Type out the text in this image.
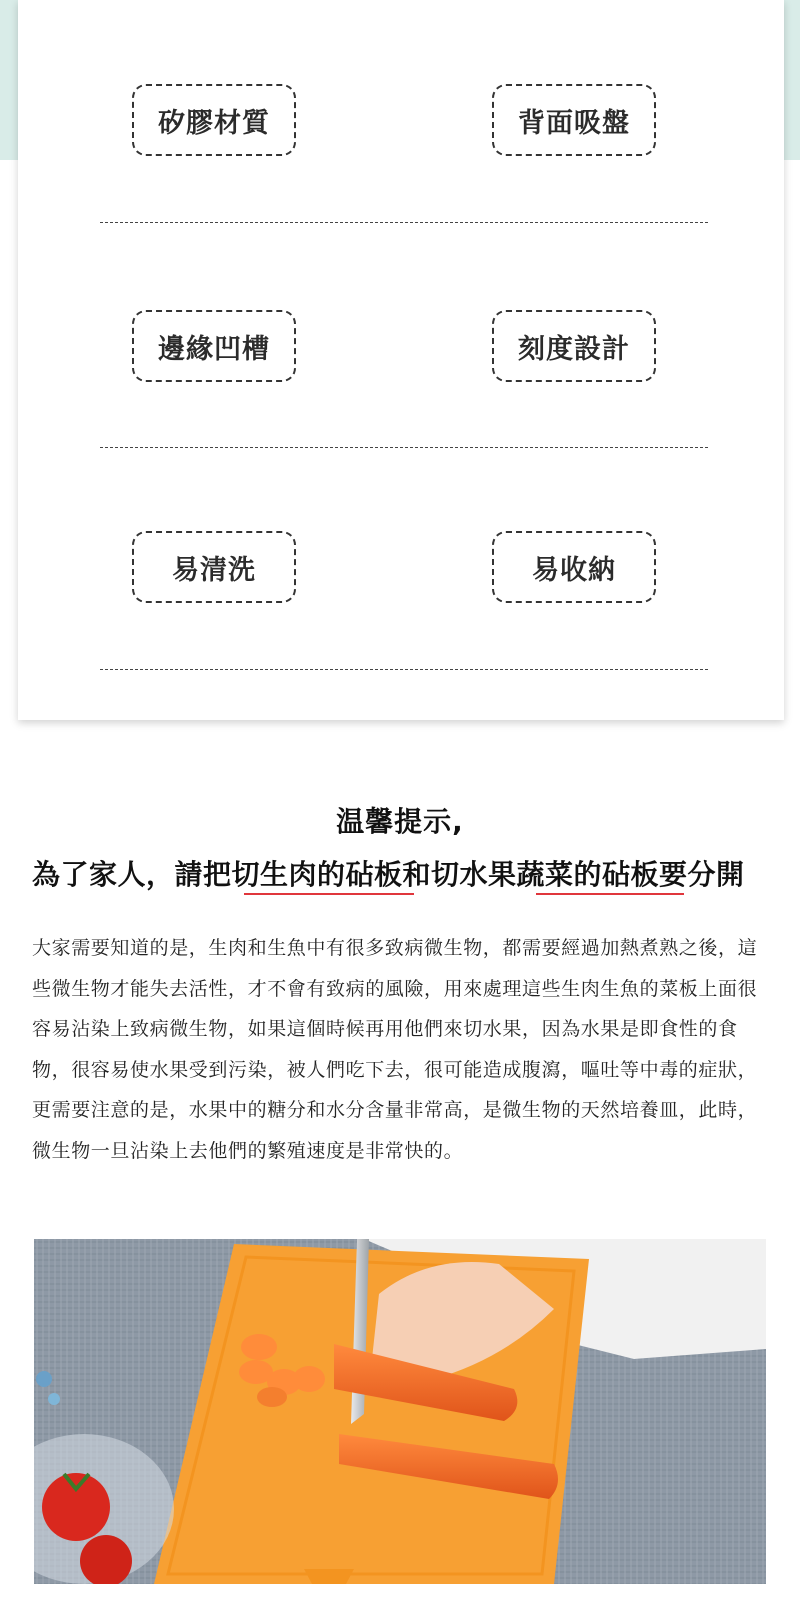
矽膠材質	背面吸盤
邊緣凹槽	刻度設計
易清洗	易收納
温馨提示,
為了家人，請把切生肉的砧板和切水果蔬菜的砧板要分開
大家需要知道的是，生肉和生魚中有很多致病微生物，都需要經過加熱煮熟之後，這些微生物才能失去活性，才不會有致病的風險，用來處理這些生肉生魚的菜板上面很容易沾染上致病微生物，如果這個時候再用他們來切水果，因為水果是即食性的食物，很容易使水果受到污染，被人們吃下去，很可能造成腹瀉，嘔吐等中毒的症狀，更需要注意的是，水果中的糖分和水分含量非常高，是微生物的天然培養皿，此時，微生物一旦沾染上去他們的繁殖速度是非常快的。
